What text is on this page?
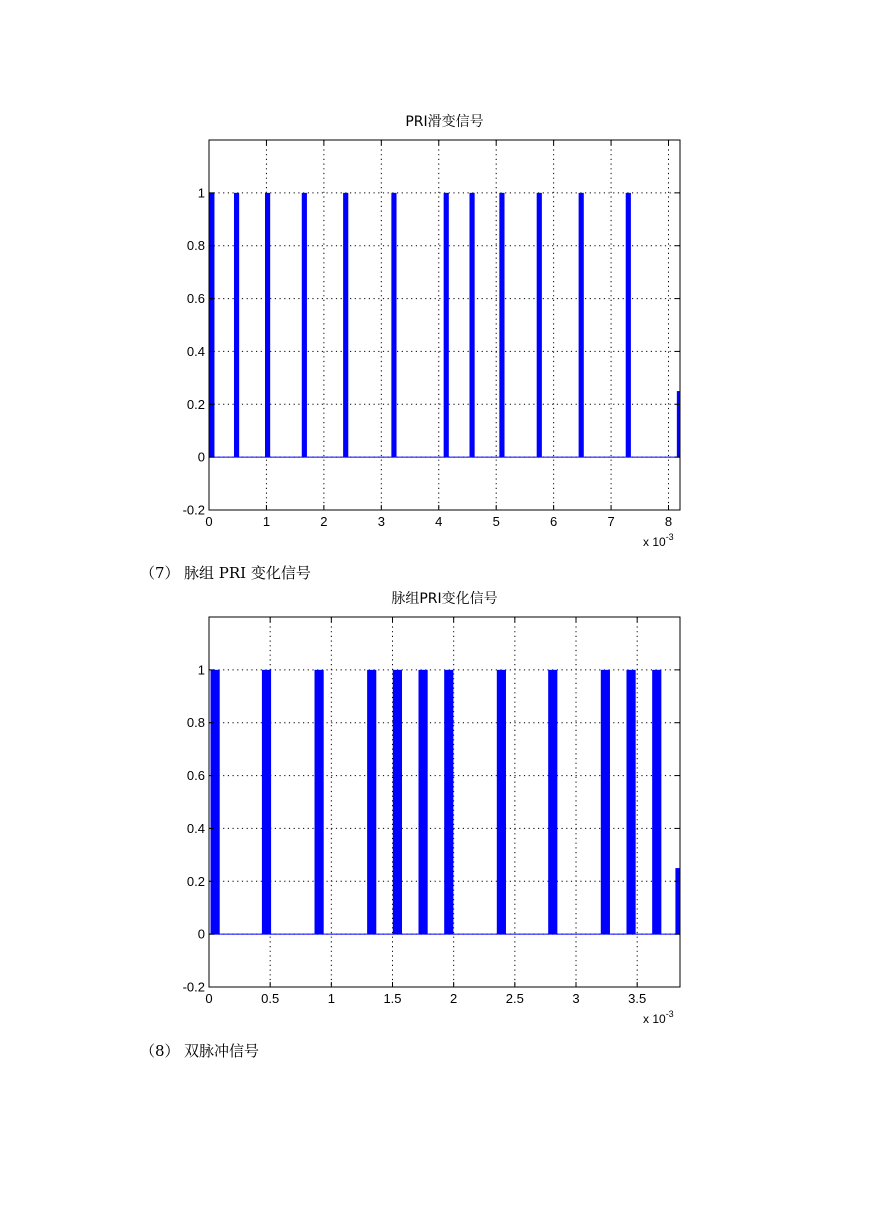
PRI滑变信号
0	1	2	3	4	5	6	7	8
-0.2
0
0.2
0.4
0.6
0.8
1
x $10^{-3}$
（7） 脉组 PRI 变化信号
脉组PRI变化信号
0	0.5	1	1.5	2	2.5	3	3.5
-0.2
0
0.2
0.4
0.6
0.8
1
x $10^{-3}$
（8） 双脉冲信号
